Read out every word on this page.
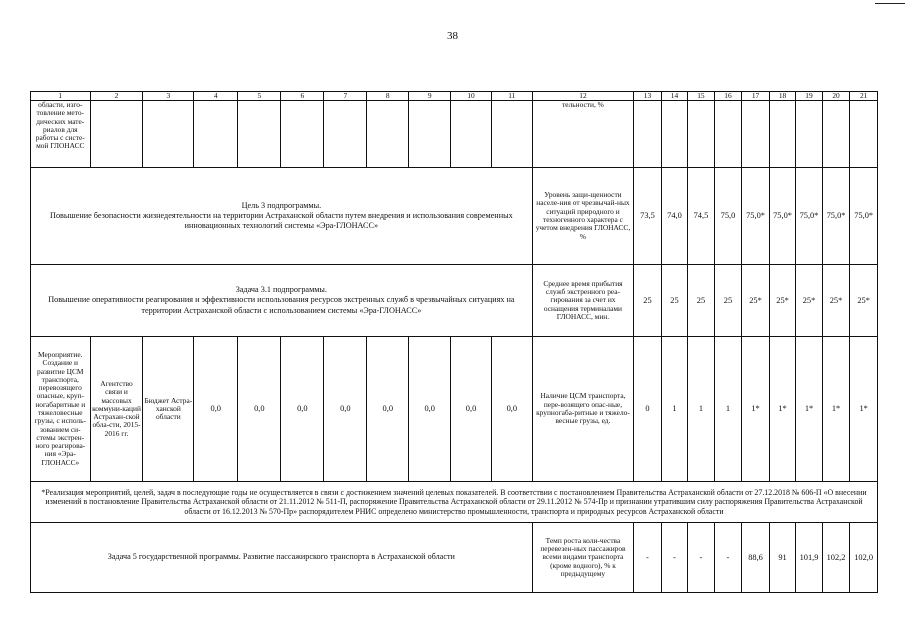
38
1	2	3	4	5	6	7	8	9	10	11	12	13	14	15	16	17	18	19	20	21
области, изго-товление мето-дических мате-риалов для работы с систе-мой ГЛОНАСС											тельности, %									

Цель 3 подпрограммы.
Повышение безопасности жизнедеятельности на территории Астраханской области путем внедрения и использования современных инновационных технологий системы «Эра-ГЛОНАСС»											Уровень защи-щенности населе-ния от чрезвычай-ных ситуаций природного и техногенного характера с учетом внедрения ГЛОНАСС, %	73,5	74,0	74,5	75,0	75,0*	75,0*	75,0*	75,0*	75,0*

Задача 3.1 подпрограммы.
Повышение оперативности реагирования и эффективности использования ресурсов экстренных служб в чрезвычайных ситуациях на территории Астраханской области с использованием системы «Эра-ГЛОНАСС»											Среднее время прибытия служб экстренного реа-гирования за счет их оснащения терминалами ГЛОНАСС, мин.	25	25	25	25	25*	25*	25*	25*	25*
Мероприятие. Создание и развитие ЦСМ транспорта, перевозящего опасные, круп-ногабаритные и тяжеловесные грузы, с исполь-зованием си-стемы экстрен-ного реагирова-ния «Эра-ГЛОНАСС»	Агентство связи и массовых коммуни-каций Астрахан-ской обла-сти, 2015-2016 гг.	Бюджет Астра-ханской области	0,0	0,0	0,0	0,0	0,0	0,0	0,0	0,0	Наличие ЦСМ транспорта, пере-возящего опас-ные, крупногаба-ритные и тяжело-весные грузы, ед.	0	1	1	1	1*	1*	1*	1*	1*
*Реализация мероприятий, целей, задач в последующие годы не осуществляется в связи с достижением значений целевых показателей. В соответствии с постановлением Правительства Астраханской области от 27.12.2018 № 606-П «О внесении изменений в постановление Правительства Астраханской области от 21.11.2012 № 511-П, распоряжение Правительства Астраханской области от 29.11.2012 № 574-Пр и признании утратившим силу распоряжения Правительства Астраханской области от 16.12.2013 № 570-Пр» распорядителем РНИС определено министерство промышленности, транспорта и природных ресурсов Астраханской области																				
Задача 5 государственной программы. Развитие пассажирского транспорта в Астраханской области											Темп роста коли-чества перевезен-ных пассажиров всеми видами транспорта (кроме водного), % к предыдущему	-	-	-	-	88,6	91	101,9	102,2	102,0
